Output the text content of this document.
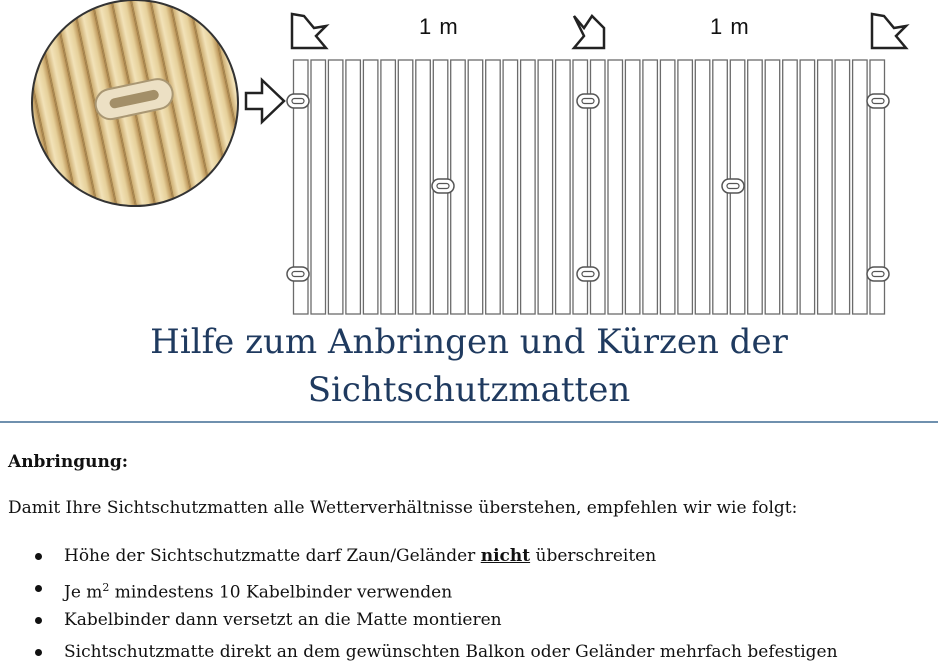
1 m	1 m
Hilfe zum Anbringen und Kürzen der
Sichtschutzmatten
Anbringung:
Damit Ihre Sichtschutzmatten alle Wetterverhältnisse überstehen, empfehlen wir wie folgt:
Höhe der Sichtschutzmatte darf Zaun/Geländer nicht überschreiten
Je $m^2$ mindestens 10 Kabelbinder verwenden
Kabelbinder dann versetzt an die Matte montieren
Sichtschutzmatte direkt an dem gewünschten Balkon oder Geländer mehrfach befestigen
